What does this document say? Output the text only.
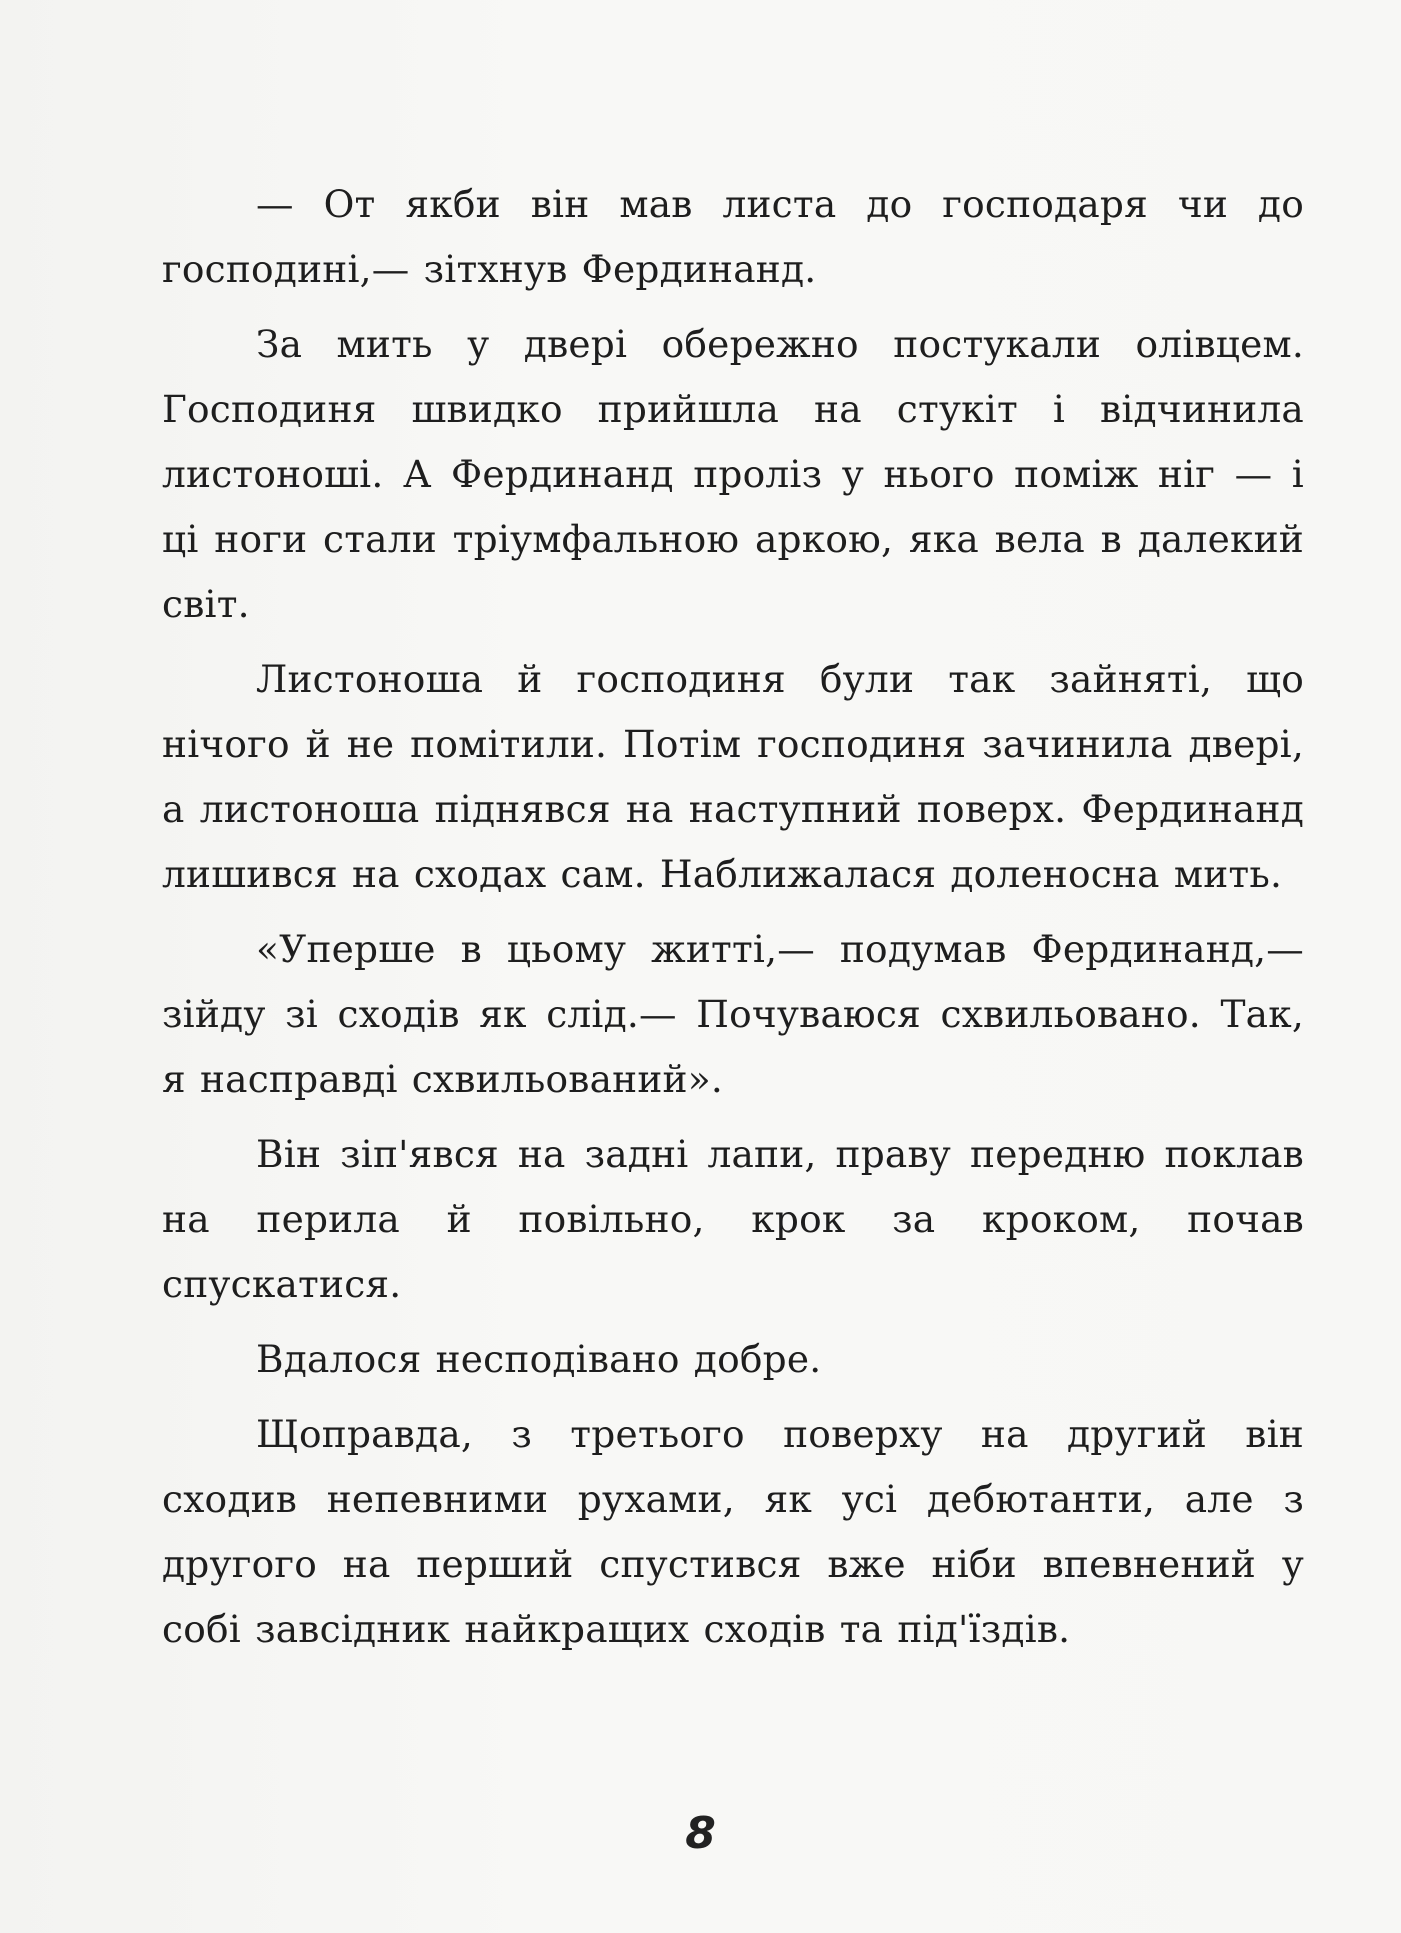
— От якби він мав листа до господаря чи до господині,— зітхнув Фердинанд.

За мить у двері обережно постукали олівцем. Господиня швидко прийшла на стукіт і відчинила листоноші. А Фердинанд проліз у нього поміж ніг — і ці ноги стали тріумфальною аркою, яка вела в далекий світ.

Листоноша й господиня були так зайняті, що нічого й не помітили. Потім господиня зачинила двері, а листоноша піднявся на наступний поверх. Фердинанд лишився на сходах сам. Наближалася доленосна мить.

«Уперше в цьому житті,— подумав Фердинанд,— зійду зі сходів як слід.— Почуваюся схвильовано. Так, я насправді схвильований».

Він зіп'явся на задні лапи, праву передню поклав на перила й повільно, крок за кроком, почав спускатися.

Вдалося несподівано добре.

Щоправда, з третього поверху на другий він сходив непевними рухами, як усі дебютанти, але з другого на перший спустився вже ніби впевнений у собі завсідник найкращих сходів та під'їздів.

8
